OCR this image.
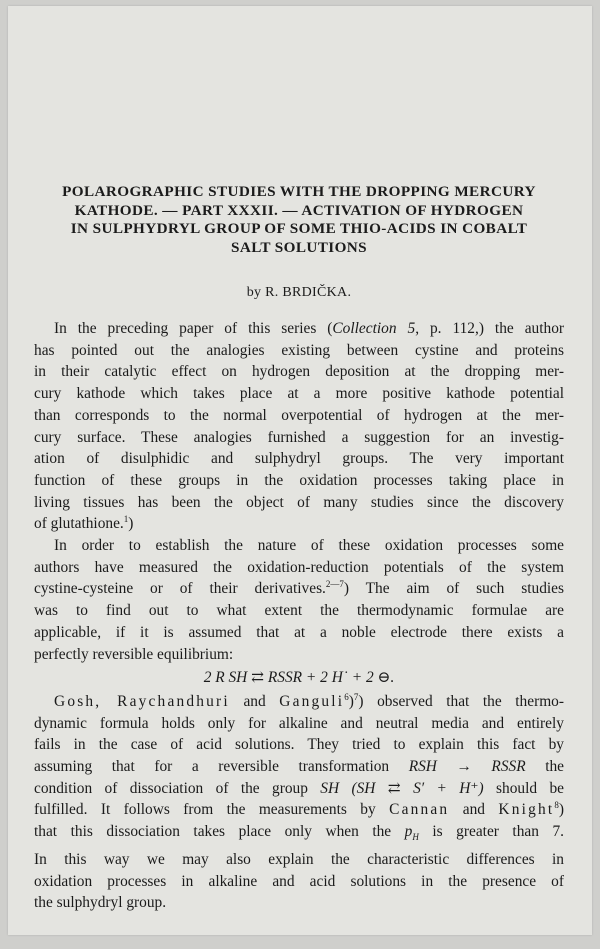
POLAROGRAPHIC STUDIES WITH THE DROPPING MERCURY
KATHODE. — PART XXXII. — ACTIVATION OF HYDROGEN
IN SULPHYDRYL GROUP OF SOME THIO-ACIDS IN COBALT
SALT SOLUTIONS
by R. BRDIČKA.
In the preceding paper of this series (Collection 5, p. 112,) the author
has pointed out the analogies existing between cystine and proteins
in their catalytic effect on hydrogen deposition at the dropping mer-
cury kathode which takes place at a more positive kathode potential
than corresponds to the normal overpotential of hydrogen at the mer-
cury surface. These analogies furnished a suggestion for an investig-
ation of disulphidic and sulphydryl groups. The very important
function of these groups in the oxidation processes taking place in
living tissues has been the object of many studies since the discovery
of glutathione.$^1$)
In order to establish the nature of these oxidation processes some
authors have measured the oxidation-reduction potentials of the system
cystine-cysteine or of their derivatives.$^{2—7}$) The aim of such studies
was to find out to what extent the thermodynamic formulae are
applicable, if it is assumed that at a noble electrode there exists a
perfectly reversible equilibrium:
2 R SH ⇄ RSSR + 2 H˙ + 2 ⊖.
Gosh, Raychandhuri and Ganguli$^6$)$^7$) observed that the thermo-
dynamic formula holds only for alkaline and neutral media and entirely
fails in the case of acid solutions. They tried to explain this fact by
assuming that for a reversible transformation RSH → RSSR the
condition of dissociation of the group SH (SH ⇄ S′ + H⁺) should be
fulfilled. It follows from the measurements by Cannan and Knight$^8$)
that this dissociation takes place only when the $p_H$ is greater than 7.
In this way we may also explain the characteristic differences in
oxidation processes in alkaline and acid solutions in the presence of
the sulphydryl group.
